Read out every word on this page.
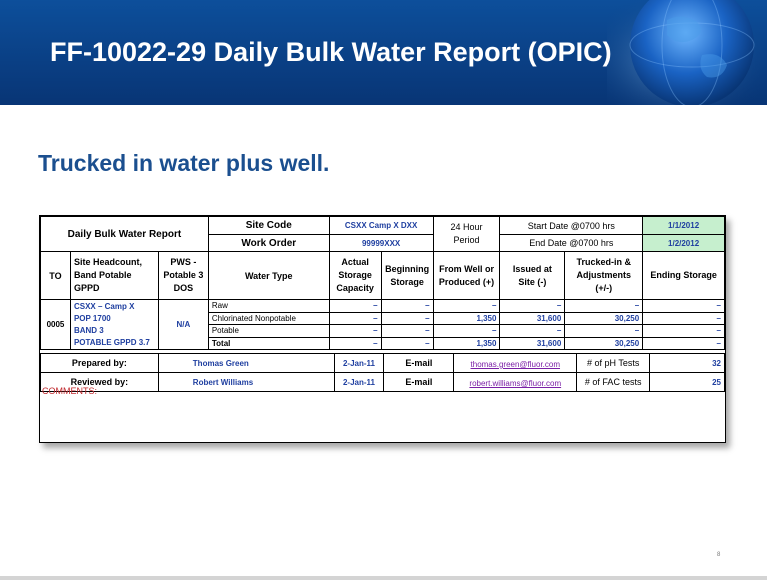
FF-10022-29 Daily Bulk Water Report (OPIC)
Trucked in water plus well.
Daily Bulk Water Report			Site Code	CSXX Camp X DXX		24 Hour Period	Start Date @0700 hrs		1/1/2012
			Work Order	99999XXX			End Date @0700 hrs		1/2/2012
TO	Site Headcount, Band Potable GPPD	PWS - Potable 3 DOS	Water Type	Actual Storage Capacity	Beginning Storage	From Well or Produced (+)	Issued at Site (-)	Trucked-in & Adjustments (+/-)	Ending Storage
0005	CSXX – Camp X
POP 1700
BAND 3
POTABLE GPPD 3.7	N/A	Raw	–	–	–	–	–	–
			Chlorinated Nonpotable	–	–	1,350	31,600	30,250	–
			Potable	–	–	–	–	–	–
			Total	–	–	1,350	31,600	30,250	–
Prepared by:	Thomas Green	2-Jan-11	E-mail	thomas.green@fluor.com	# of pH Tests	32
Reviewed by:	Robert Williams	2-Jan-11	E-mail	robert.williams@fluor.com	# of FAC tests	25
COMMENTS:
8
